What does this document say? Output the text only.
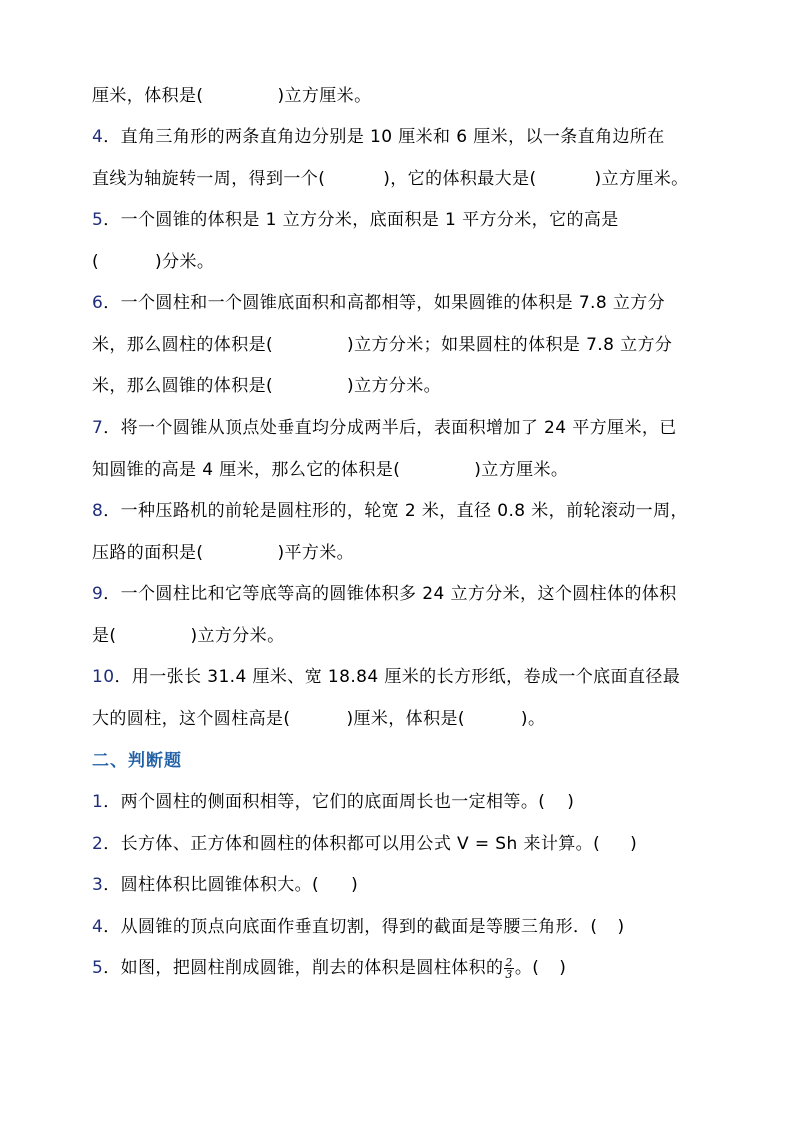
厘米，体积是(	)立方厘米。
4．直角三角形的两条直角边分别是 10 厘米和 6 厘米，以一条直角边所在
直线为轴旋转一周，得到一个(	)，它的体积最大是(	)立方厘米。
5．一个圆锥的体积是 1 立方分米，底面积是 1 平方分米，它的高是
(	)分米。
6．一个圆柱和一个圆锥底面积和高都相等，如果圆锥的体积是 7.8 立方分
米，那么圆柱的体积是(	)立方分米；如果圆柱的体积是 7.8 立方分
米，那么圆锥的体积是(	)立方分米。
7．将一个圆锥从顶点处垂直均分成两半后，表面积增加了 24 平方厘米，已
知圆锥的高是 4 厘米，那么它的体积是(	)立方厘米。
8．一种压路机的前轮是圆柱形的，轮宽 2 米，直径 0.8 米，前轮滚动一周，
压路的面积是(	)平方米。
9．一个圆柱比和它等底等高的圆锥体积多 24 立方分米，这个圆柱体的体积
是(	)立方分米。
10．用一张长 31.4 厘米、宽 18.84 厘米的长方形纸，卷成一个底面直径最
大的圆柱，这个圆柱高是(	)厘米，体积是(	)。
二、判断题
1．两个圆柱的侧面积相等，它们的底面周长也一定相等。( )
2．长方体、正方体和圆柱的体积都可以用公式 V = Sh 来计算。( )
3．圆柱体积比圆锥体积大。( )
4．从圆锥的顶点向底面作垂直切割，得到的截面是等腰三角形．( )
5．如图，把圆柱削成圆锥，削去的体积是圆柱体积的 $\frac{2}{3}$ 。( )
